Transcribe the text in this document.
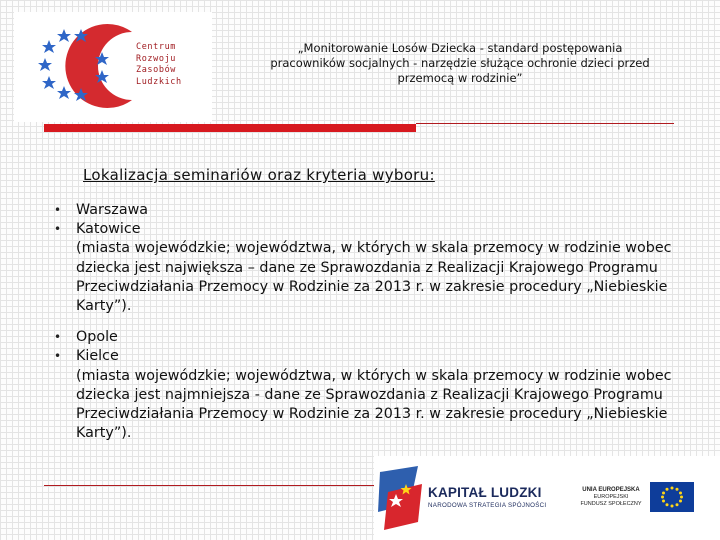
Centrum
Rozwoju
Zasobów
Ludzkich
„Monitorowanie Losów Dziecka - standard postępowania
pracowników socjalnych - narzędzie służące ochronie dzieci przed
przemocą w rodzinie”
Lokalizacja seminariów oraz kryteria wyboru:
• Warszawa
• Katowice
(miasta wojewódzkie; województwa, w których w skala przemocy w rodzinie wobec dziecka jest największa – dane ze Sprawozdania z Realizacji Krajowego Programu Przeciwdziałania Przemocy w Rodzinie za 2013 r. w zakresie procedury „Niebieskie Karty”).
• Opole
• Kielce
(miasta wojewódzkie; województwa, w których w skala przemocy w rodzinie wobec dziecka jest najmniejsza - dane ze Sprawozdania z Realizacji Krajowego Programu Przeciwdziałania Przemocy w Rodzinie za 2013 r. w zakresie procedury „Niebieskie Karty”).
KAPITAŁ LUDZKI
NARODOWA STRATEGIA SPÓJNOŚCI
UNIA EUROPEJSKA
EUROPEJSKI
FUNDUSZ SPOŁECZNY
